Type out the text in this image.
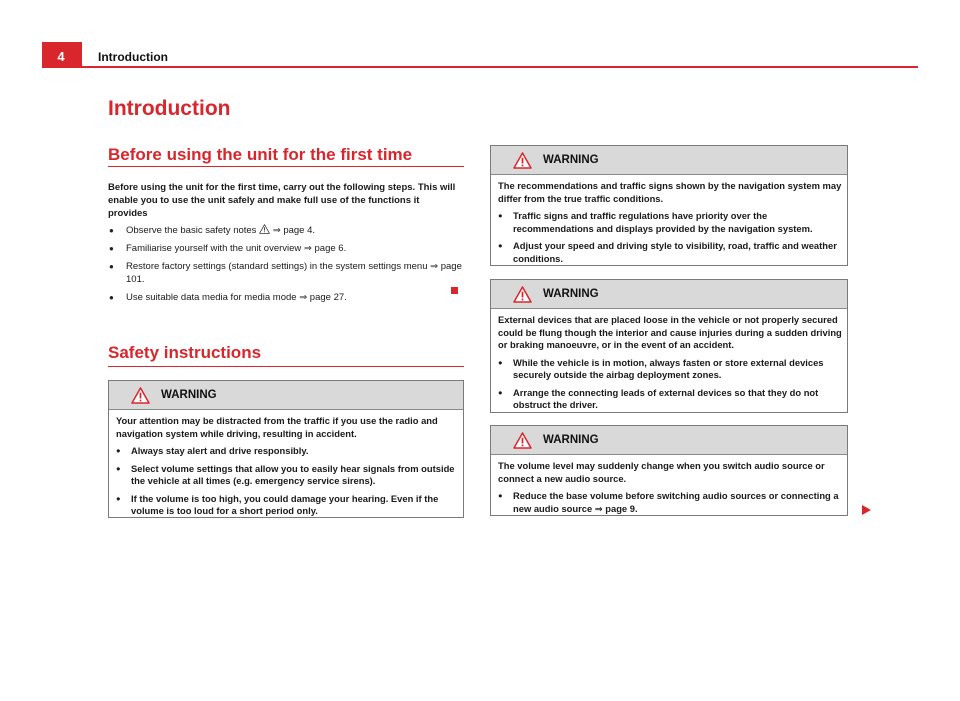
4	Introduction
Introduction
Before using the unit for the first time
Before using the unit for the first time, carry out the following steps. This will enable you to use the unit safely and make full use of the functions it provides
● Observe the basic safety notes ⇒ page 4.
● Familiarise yourself with the unit overview ⇒ page 6.
● Restore factory settings (standard settings) in the system settings menu ⇒ page 101.
● Use suitable data media for media mode ⇒ page 27.
Safety instructions
WARNING

Your attention may be distracted from the traffic if you use the radio and navigation system while driving, resulting in accident.

● Always stay alert and drive responsibly.
● Select volume settings that allow you to easily hear signals from outside the vehicle at all times (e.g. emergency service sirens).
● If the volume is too high, you could damage your hearing. Even if the volume is too loud for a short period only.
WARNING

The recommendations and traffic signs shown by the navigation system may differ from the true traffic conditions.

● Traffic signs and traffic regulations have priority over the recommendations and displays provided by the navigation system.
● Adjust your speed and driving style to visibility, road, traffic and weather conditions.
WARNING

External devices that are placed loose in the vehicle or not properly secured could be flung though the interior and cause injuries during a sudden driving or braking manoeuvre, or in the event of an accident.

● While the vehicle is in motion, always fasten or store external devices securely outside the airbag deployment zones.
● Arrange the connecting leads of external devices so that they do not obstruct the driver.
WARNING

The volume level may suddenly change when you switch audio source or connect a new audio source.

● Reduce the base volume before switching audio sources or connecting a new audio source ⇒ page 9.
